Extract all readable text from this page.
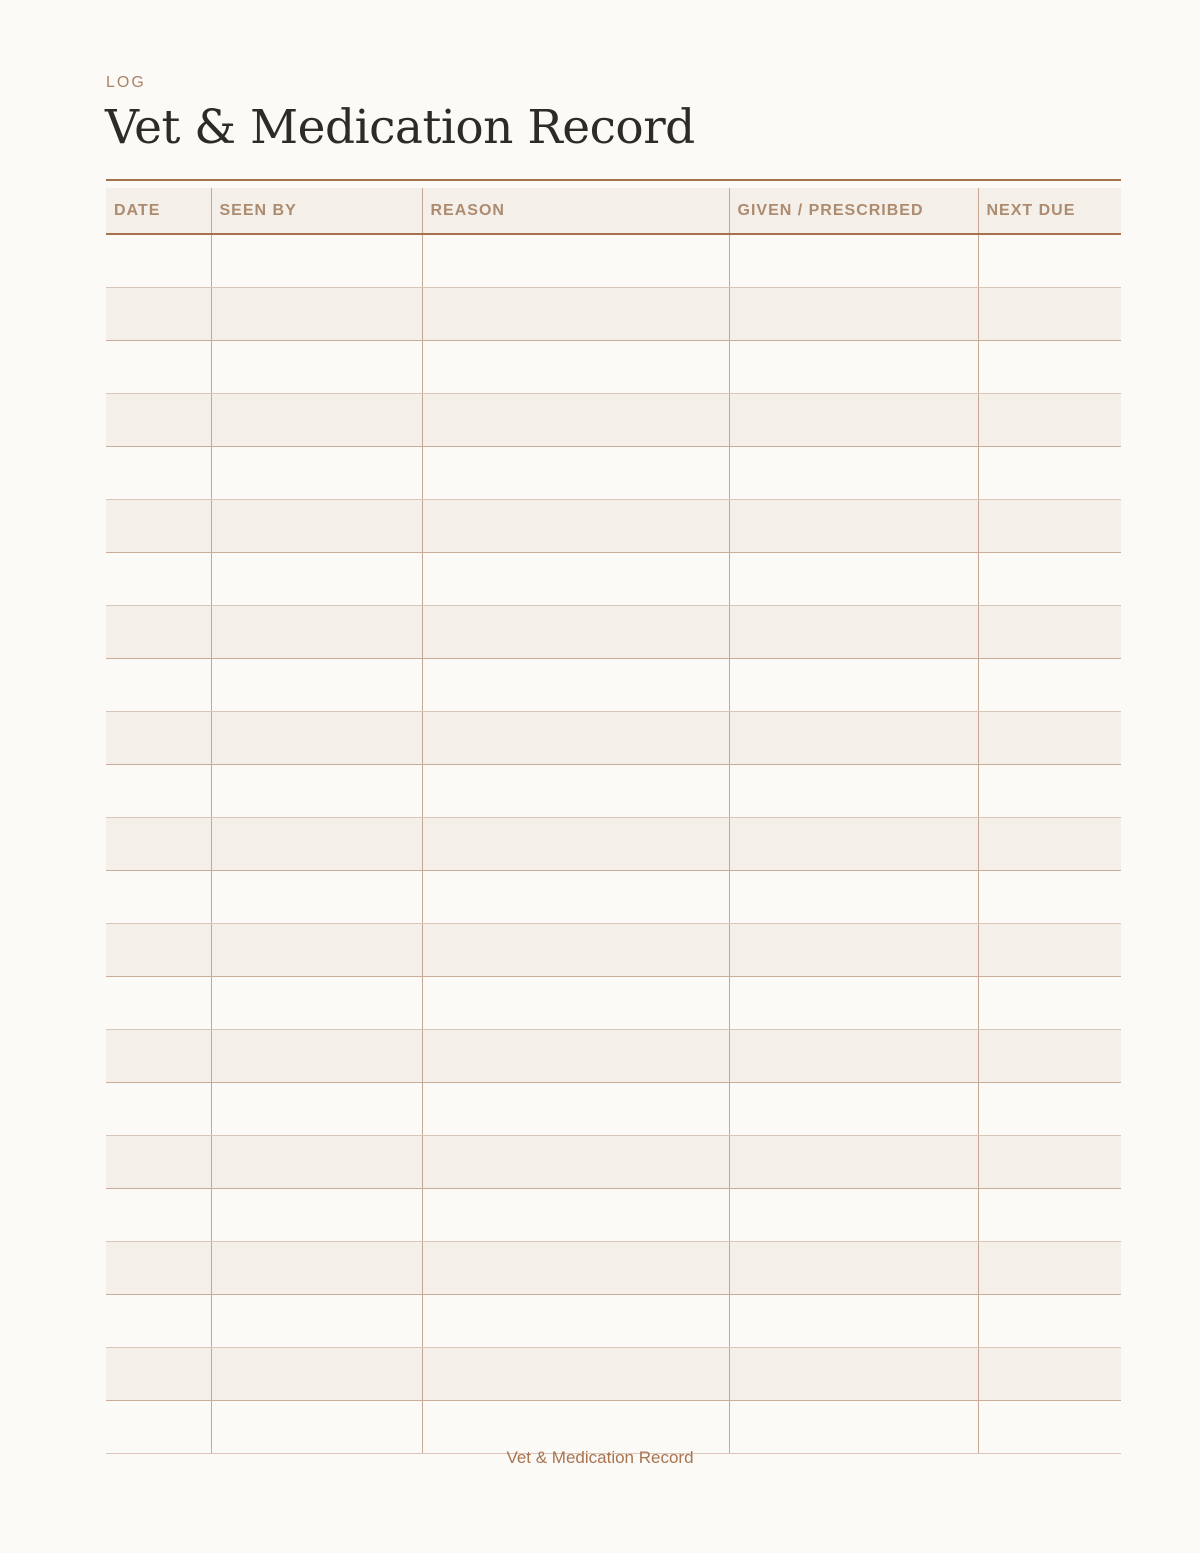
LOG
Vet & Medication Record
DATE	SEEN BY	REASON	GIVEN / PRESCRIBED	NEXT DUE

Vet & Medication Record
